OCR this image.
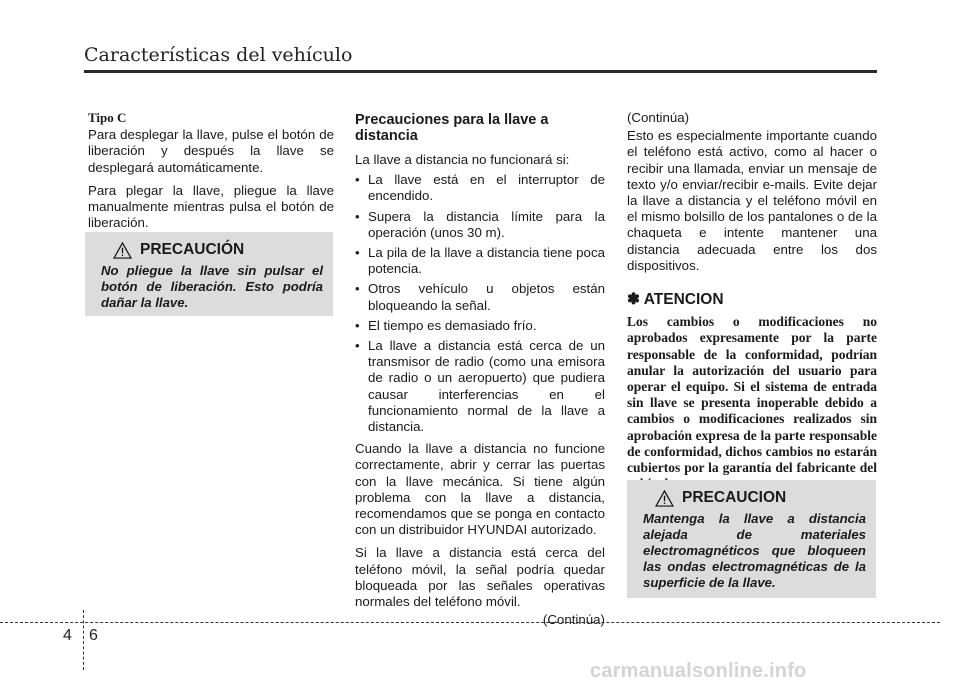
Características del vehículo

Tipo C

Para desplegar la llave, pulse el botón de liberación y después la llave se desplegará automáticamente.

Para plegar la llave, pliegue la llave manualmente mientras pulsa el botón de liberación.

PRECAUCIÓN
No pliegue la llave sin pulsar el botón de liberación. Esto podría dañar la llave.

Precauciones para la llave a distancia

La llave a distancia no funcionará si:

• La llave está en el interruptor de encendido.
• Supera la distancia límite para la operación (unos 30 m).
• La pila de la llave a distancia tiene poca potencia.
• Otros vehículo u objetos están bloqueando la señal.
• El tiempo es demasiado frío.
• La llave a distancia está cerca de un transmisor de radio (como una emisora de radio o un aeropuerto) que pudiera causar interferencias en el funcionamiento normal de la llave a distancia.

Cuando la llave a distancia no funcione correctamente, abrir y cerrar las puertas con la llave mecánica. Si tiene algún problema con la llave a distancia, recomendamos que se ponga en contacto con un distribuidor HYUNDAI autorizado.

Si la llave a distancia está cerca del teléfono móvil, la señal podría quedar bloqueada por las señales operativas normales del teléfono móvil.

(Continúa)

(Continúa)

Esto es especialmente importante cuando el teléfono está activo, como al hacer o recibir una llamada, enviar un mensaje de texto y/o enviar/recibir e-mails. Evite dejar la llave a distancia y el teléfono móvil en el mismo bolsillo de los pantalones o de la chaqueta e intente mantener una distancia adecuada entre los dos dispositivos.

✽ ATENCION

Los cambios o modificaciones no aprobados expresamente por la parte responsable de la conformidad, podrían anular la autorización del usuario para operar el equipo. Si el sistema de entrada sin llave se presenta inoperable debido a cambios o modificaciones realizados sin aprobación expresa de la parte responsable de conformidad, dichos cambios no estarán cubiertos por la garantía del fabricante del

PRECAUCION
Mantenga la llave a distancia alejada de materiales electromagnéticos que bloqueen las ondas electromagnéticas de la superficie de la llave.
4 6
carmanualsonline.info
